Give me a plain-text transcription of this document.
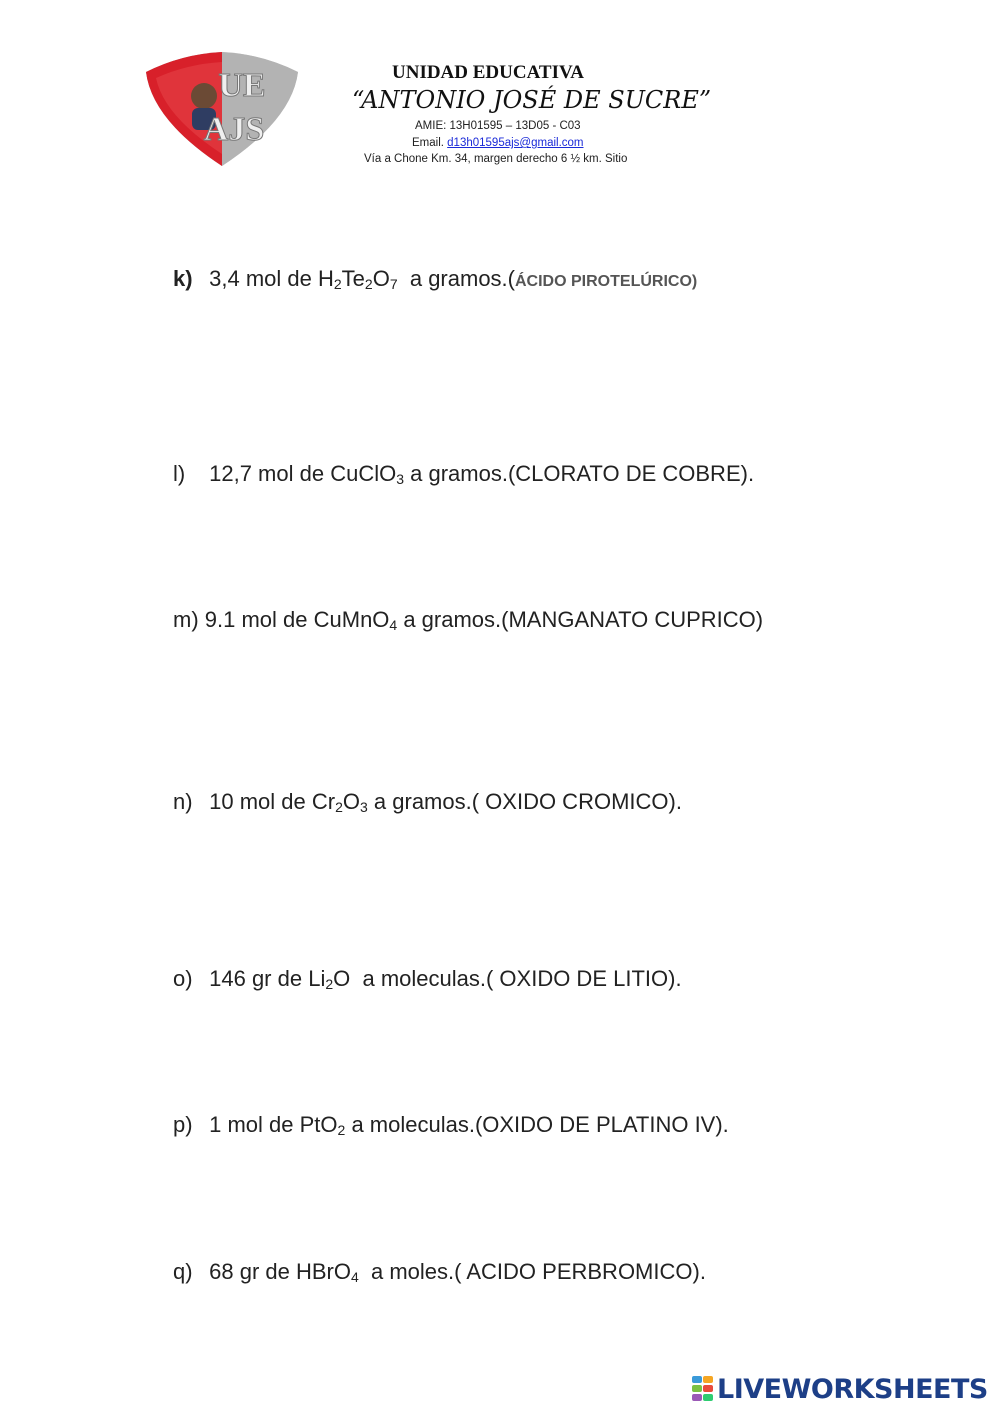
UE
AJS
UNIDAD EDUCATIVA
“ANTONIO JOSÉ DE SUCRE”
AMIE: 13H01595 – 13D05 - C03
Email. d13h01595ajs@gmail.com
Vía a Chone Km. 34, margen derecho 6 ½ km. Sitio
k) 3,4 mol de $H_2Te_2O_7$  a gramos.(ÁCIDO PIROTELÚRICO)
l) 12,7 mol de CuClO$_3$ a gramos.(CLORATO DE COBRE).
m) 9.1 mol de CuMnO$_4$ a gramos.(MANGANATO CUPRICO)
n) 10 mol de $Cr_2O_3$ a gramos.( OXIDO CROMICO).
o) 146 gr de $Li_2O$  a moleculas.( OXIDO DE LITIO).
p) 1 mol de PtO$_2$ a moleculas.(OXIDO DE PLATINO IV).
q) 68 gr de HBrO$_4$  a moles.( ACIDO PERBROMICO).
LIVEWORKSHEETS
